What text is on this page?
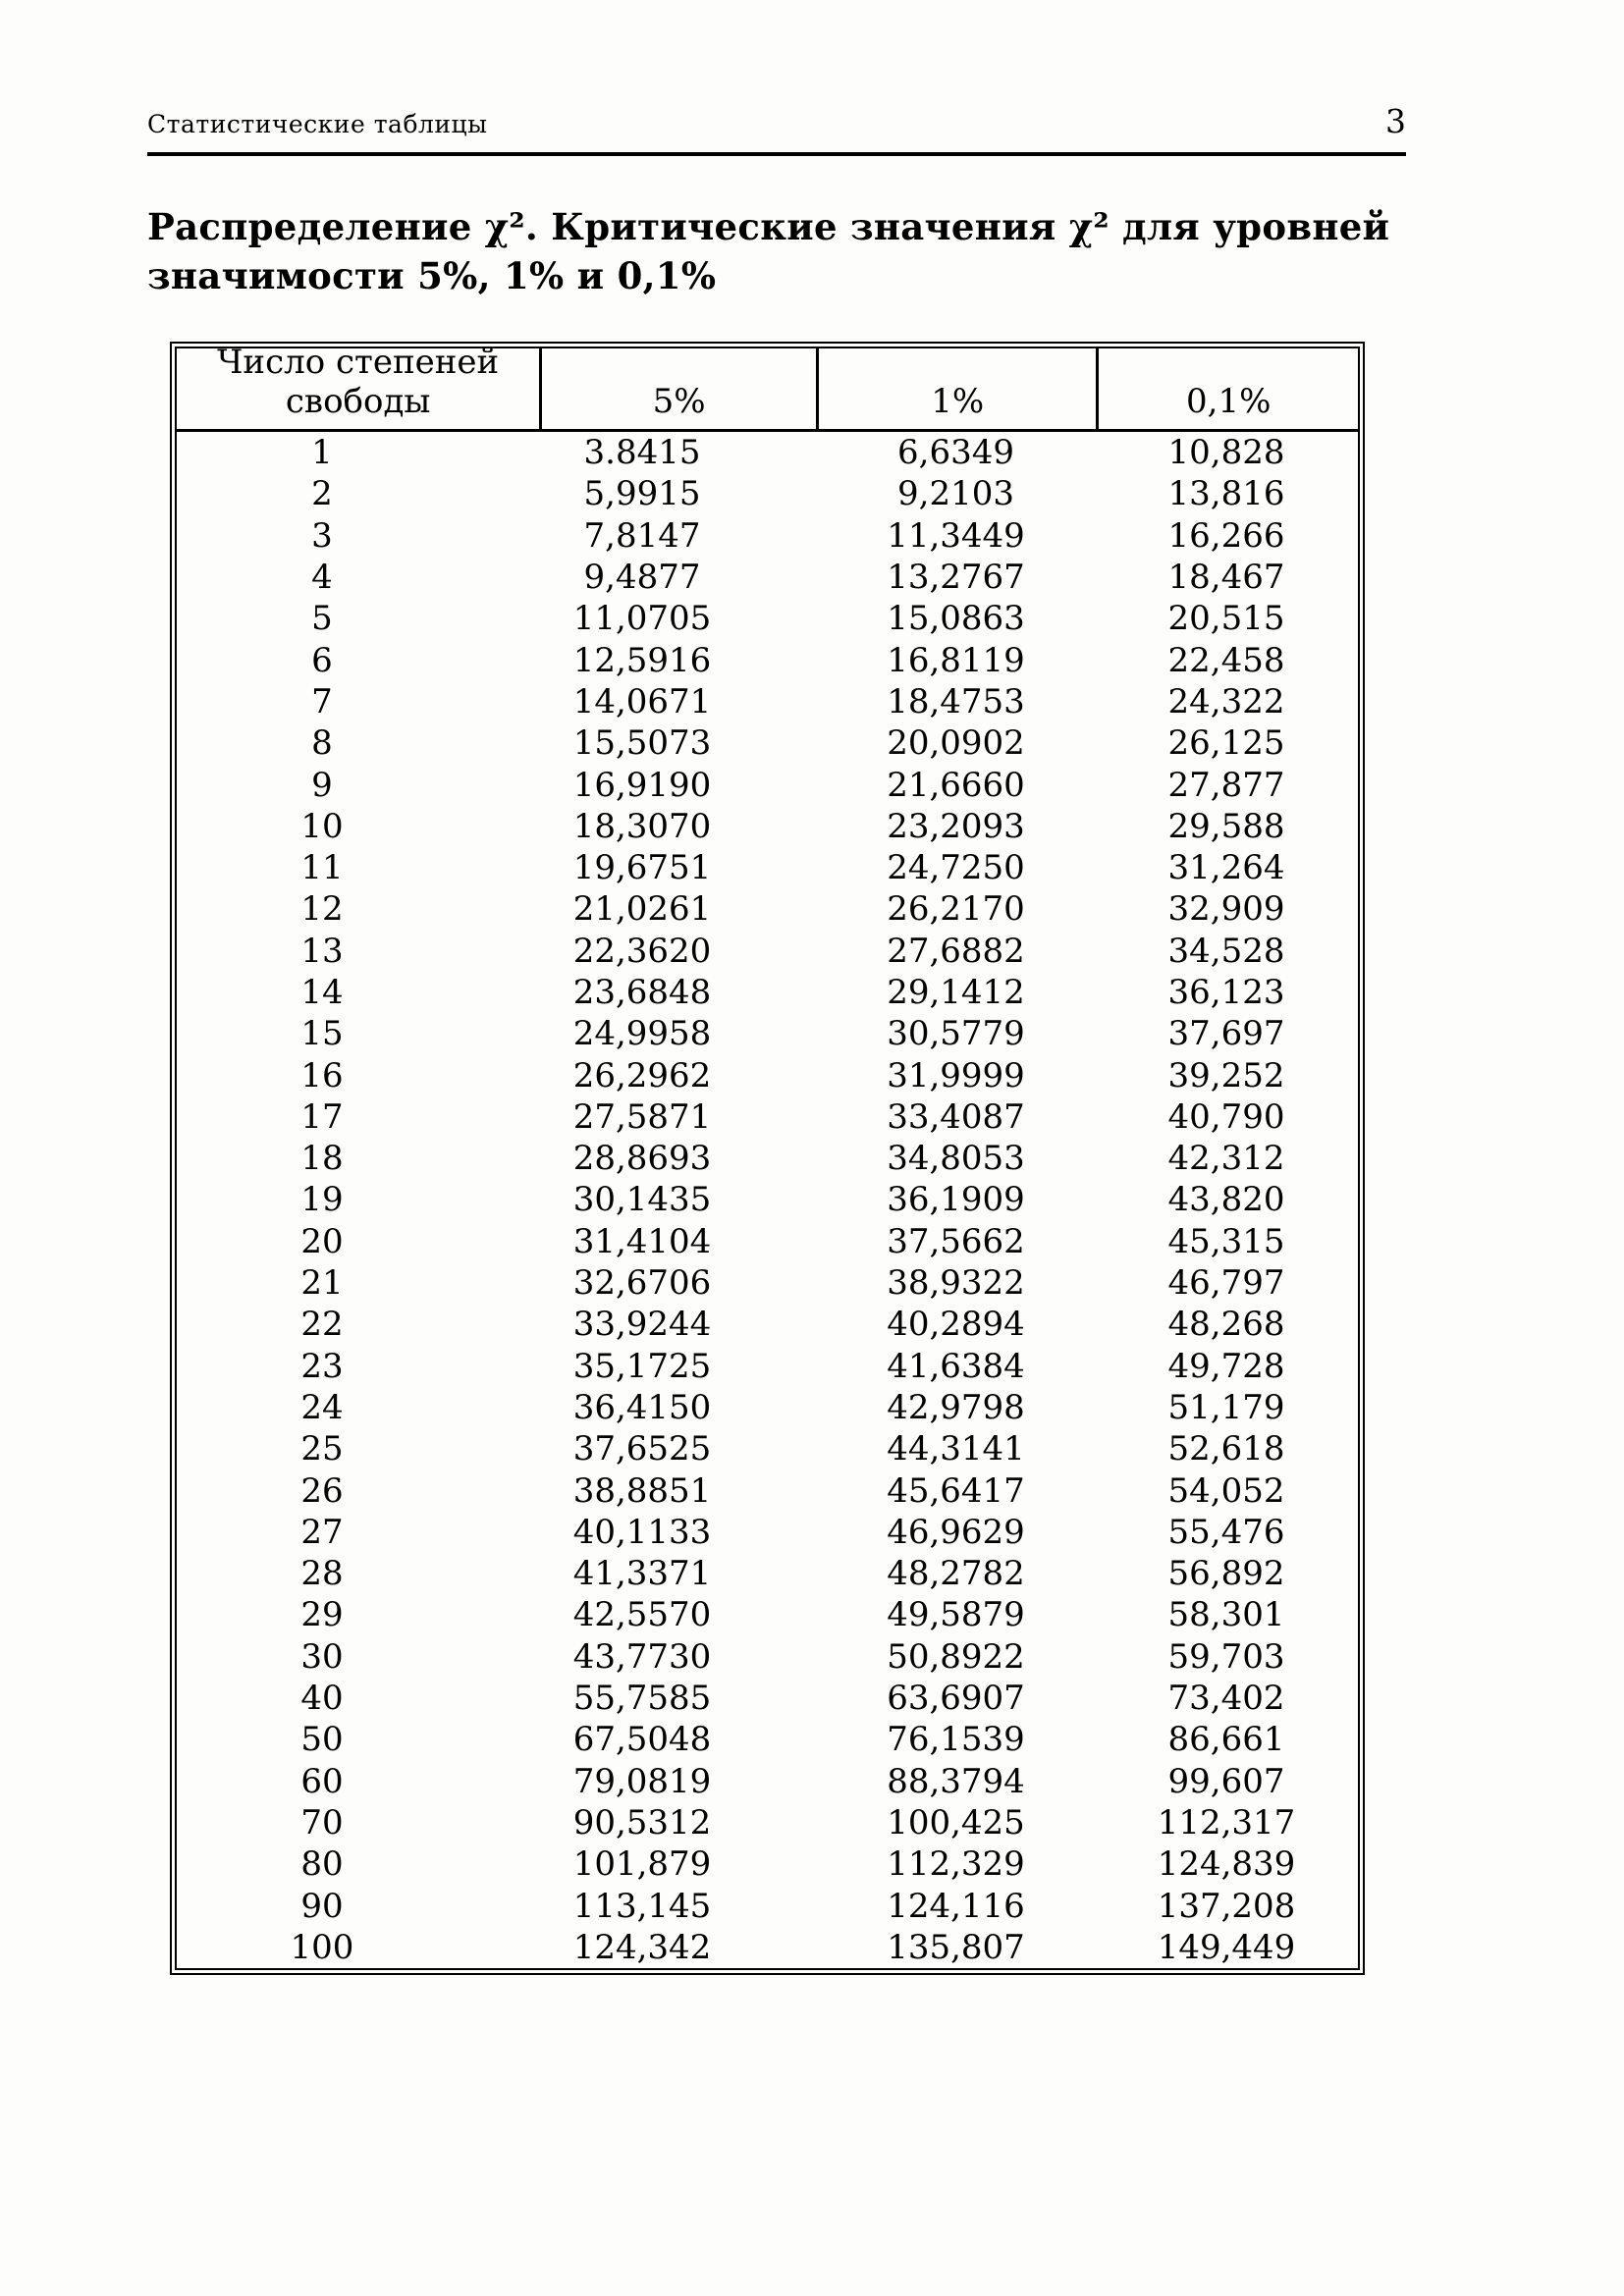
Статистические таблицы	3
Распределение χ². Критические значения χ² для уровней
значимости 5%, 1% и 0,1%
Число степеней
свободы	5%	1%	0,1%
1	3.8415	6,6349	10,828
2	5,9915	9,2103	13,816
3	7,8147	11,3449	16,266
4	9,4877	13,2767	18,467
5	11,0705	15,0863	20,515
6	12,5916	16,8119	22,458
7	14,0671	18,4753	24,322
8	15,5073	20,0902	26,125
9	16,9190	21,6660	27,877
10	18,3070	23,2093	29,588
11	19,6751	24,7250	31,264
12	21,0261	26,2170	32,909
13	22,3620	27,6882	34,528
14	23,6848	29,1412	36,123
15	24,9958	30,5779	37,697
16	26,2962	31,9999	39,252
17	27,5871	33,4087	40,790
18	28,8693	34,8053	42,312
19	30,1435	36,1909	43,820
20	31,4104	37,5662	45,315
21	32,6706	38,9322	46,797
22	33,9244	40,2894	48,268
23	35,1725	41,6384	49,728
24	36,4150	42,9798	51,179
25	37,6525	44,3141	52,618
26	38,8851	45,6417	54,052
27	40,1133	46,9629	55,476
28	41,3371	48,2782	56,892
29	42,5570	49,5879	58,301
30	43,7730	50,8922	59,703
40	55,7585	63,6907	73,402
50	67,5048	76,1539	86,661
60	79,0819	88,3794	99,607
70	90,5312	100,425	112,317
80	101,879	112,329	124,839
90	113,145	124,116	137,208
100	124,342	135,807	149,449
